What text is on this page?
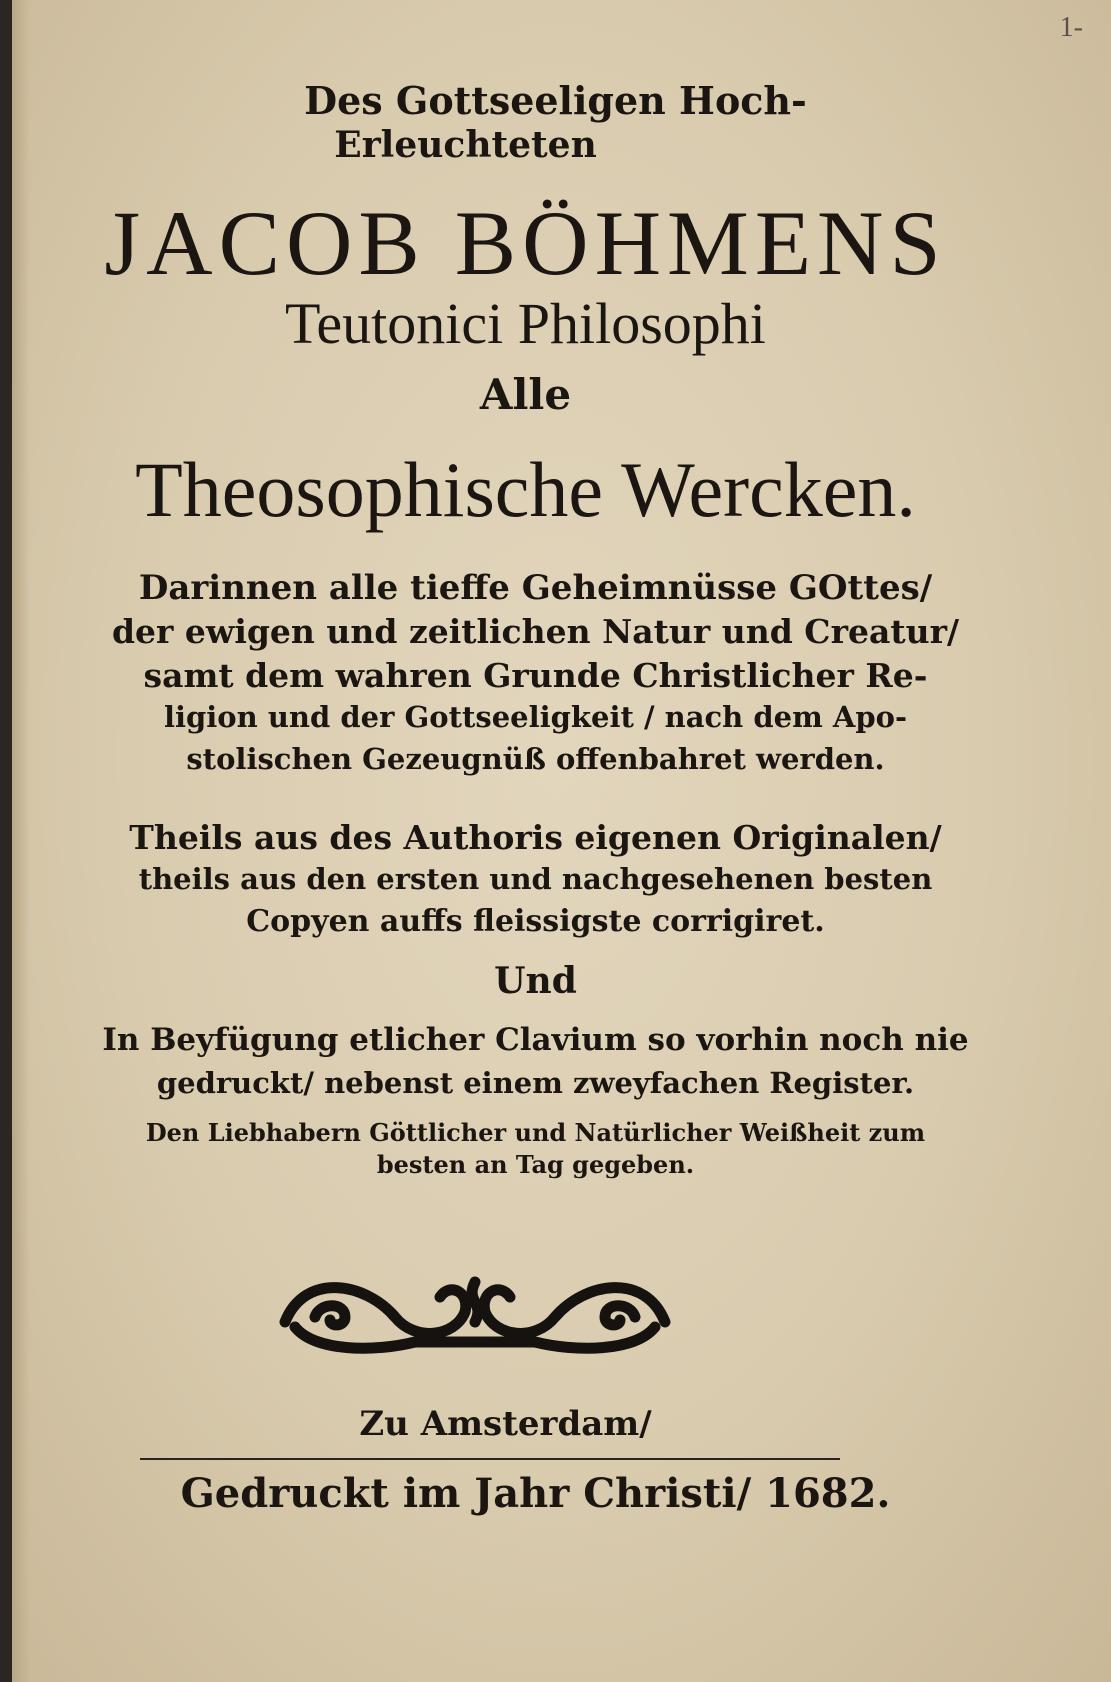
1-
Des Gottseeligen Hoch-
Erleuchteten
JACOB BÖHMENS
Teutonici Philosophi
Alle
Theosophische Wercken.
Darinnen alle tieffe Geheimnüsse GOttes/
der ewigen und zeitlichen Natur und Creatur/
samt dem wahren Grunde Christlicher Re-
ligion und der Gottseeligkeit / nach dem Apo-
stolischen Gezeugnüß offenbahret werden.
Theils aus des Authoris eigenen Originalen/
theils aus den ersten und nachgesehenen besten
Copyen auffs fleissigste corrigiret.
Und
In Beyfügung etlicher Clavium so vorhin noch nie
gedruckt/ nebenst einem zweyfachen Register.
Den Liebhabern Göttlicher und Natürlicher Weißheit zum
besten an Tag gegeben.
Zu Amsterdam/
Gedruckt im Jahr Christi/ 1682.
